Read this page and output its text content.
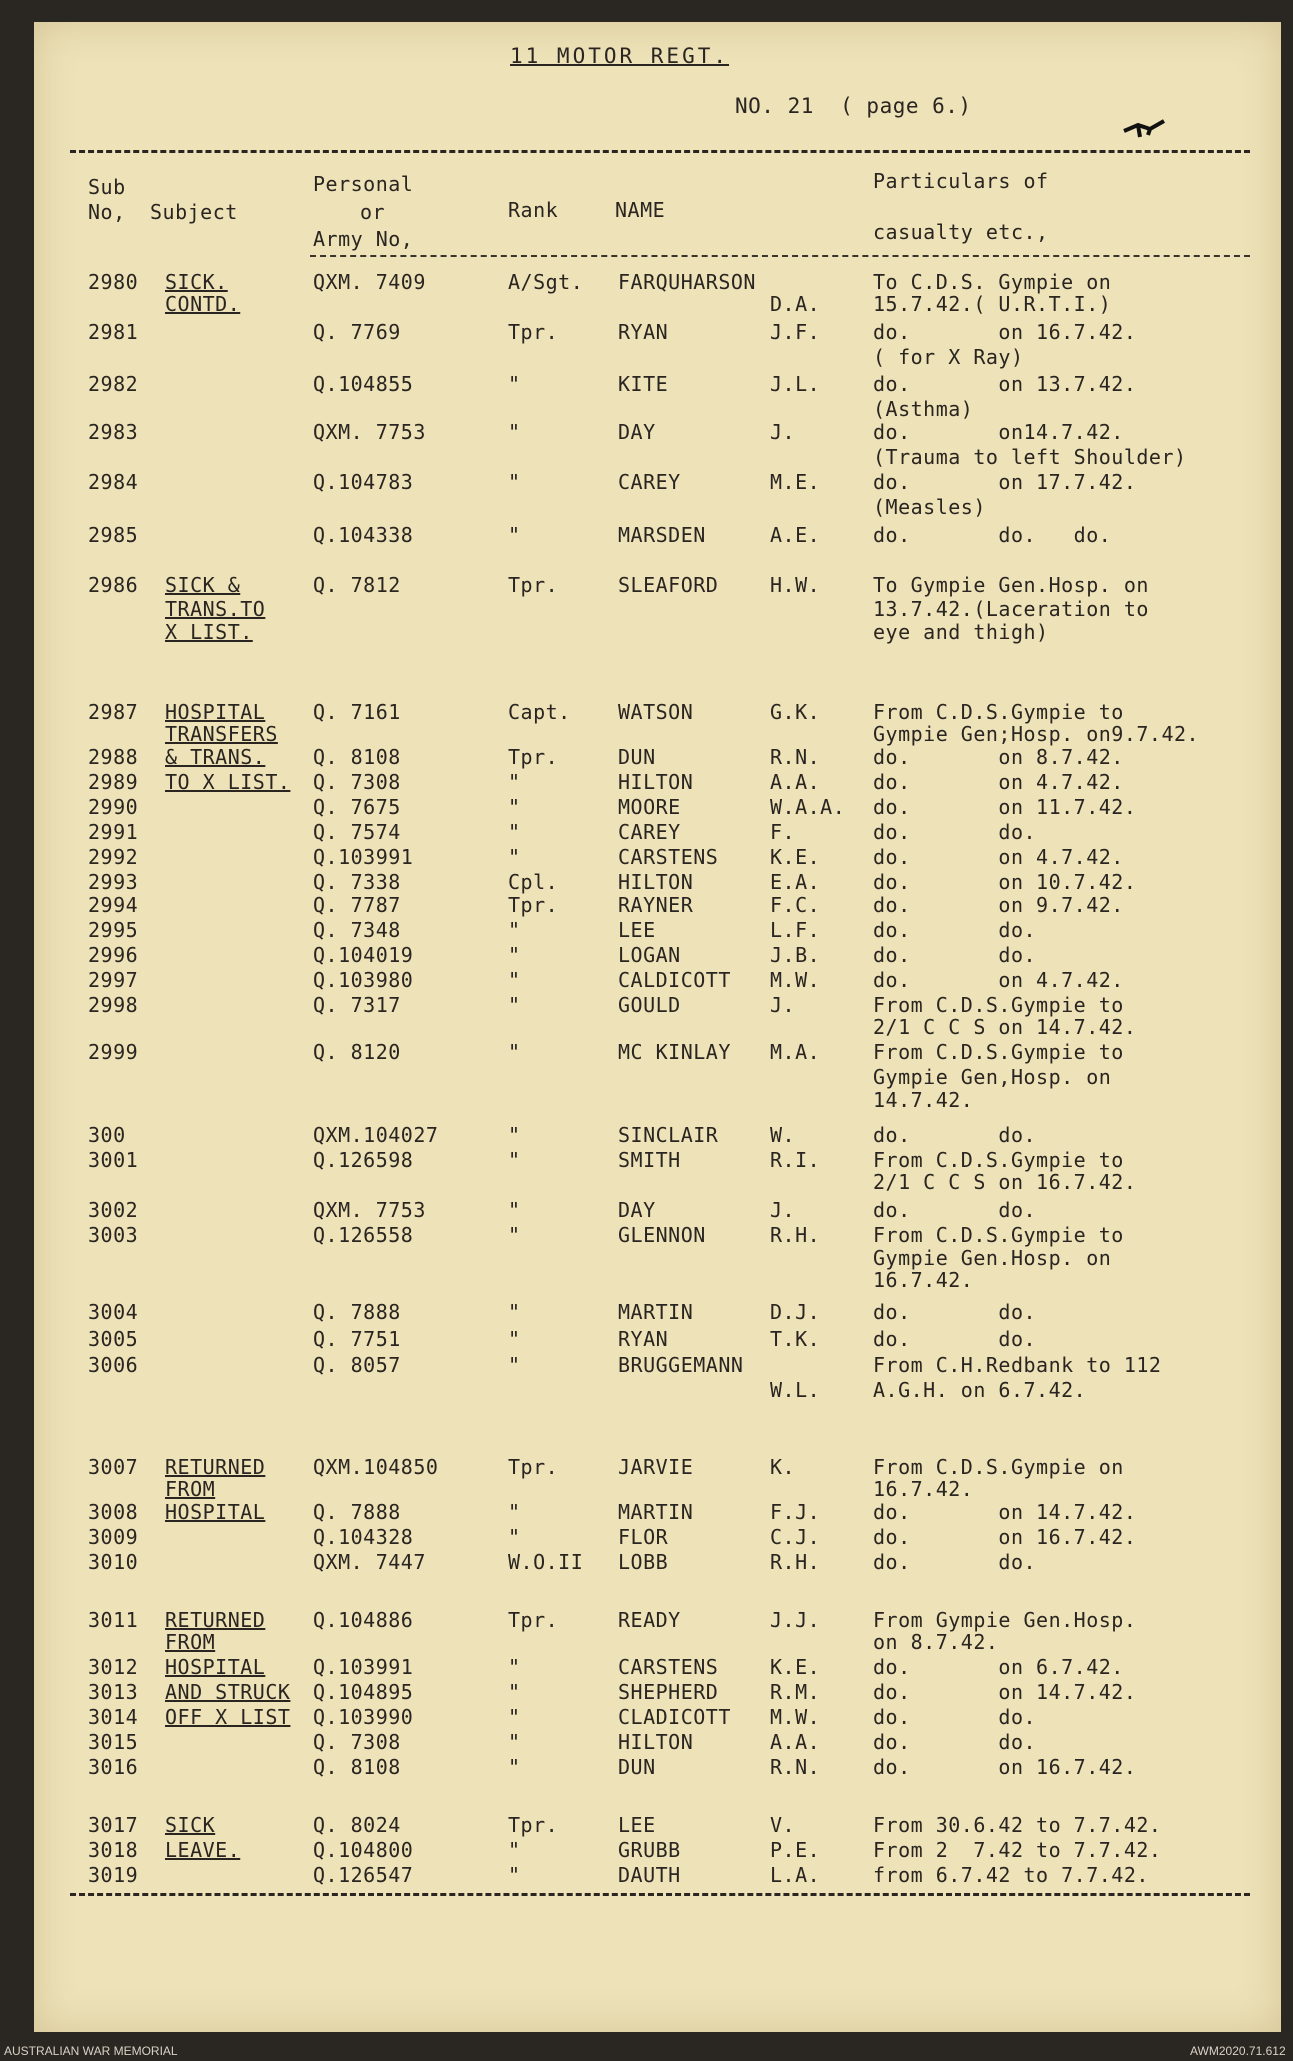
11 MOTOR REGT.
NO. 21  ( page 6.)
Sub
No, Subject
Personal
or
Army No,
Rank	NAME
Particulars of
casualty etc.,
2980 SICK.	QXM. 7409	A/Sgt. FARQUHARSON	To C.D.S. Gympie on
CONTD.	D.A.	15.7.42.( U.R.T.I.)
2981	Q. 7769	Tpr.	RYAN	J.F.	do.       on 16.7.42.
( for X Ray)
2982	Q.104855	"	KITE	J.L.	do.       on 13.7.42.
(Asthma)
2983	QXM. 7753	"	DAY	J.	do.       on14.7.42.
(Trauma to left Shoulder)
2984	Q.104783	"	CAREY	M.E.	do.       on 17.7.42.
(Measles)
2985	Q.104338	"	MARSDEN	A.E.	do.       do.   do.
2986 SICK &	Q. 7812	Tpr.	SLEAFORD	H.W.	To Gympie Gen.Hosp. on
TRANS.TO	13.7.42.(Laceration to
X LIST.	eye and thigh)
2987 HOSPITAL Q. 7161	Capt. WATSON	G.K.	From C.D.S.Gympie to
TRANSFERS	Gympie Gen;Hosp. on9.7.42.
2988 & TRANS. Q. 8108	Tpr.	DUN	R.N.	do.       on 8.7.42.
2989 TO X LIST. Q. 7308	"	HILTON	A.A.	do.       on 4.7.42.
2990	Q. 7675	"	MOORE	W.A.A. do.       on 11.7.42.
2991	Q. 7574	"	CAREY	F.	do.       do.
2992	Q.103991	"	CARSTENS	K.E.	do.       on 4.7.42.
2993	Q. 7338	Cpl.	HILTON	E.A.	do.       on 10.7.42.
2994	Q. 7787	Tpr.	RAYNER	F.C.	do.       on 9.7.42.
2995	Q. 7348	"	LEE	L.F.	do.       do.
2996	Q.104019	"	LOGAN	J.B.	do.       do.
2997	Q.103980	"	CALDICOTT M.W.	do.       on 4.7.42.
2998	Q. 7317	"	GOULD	J.	From C.D.S.Gympie to
2/1 C C S on 14.7.42.
2999	Q. 8120	"	MC KINLAY M.A.	From C.D.S.Gympie to
Gympie Gen,Hosp. on
14.7.42.
300	QXM.104027	"	SINCLAIR	W.	do.       do.
3001	Q.126598	"	SMITH	R.I.	From C.D.S.Gympie to
2/1 C C S on 16.7.42.
3002	QXM. 7753	"	DAY	J.	do.       do.
3003	Q.126558	"	GLENNON	R.H.	From C.D.S.Gympie to
Gympie Gen.Hosp. on
16.7.42.
3004	Q. 7888	"	MARTIN	D.J.	do.       do.
3005	Q. 7751	"	RYAN	T.K.	do.       do.
3006	Q. 8057	"	BRUGGEMANN	From C.H.Redbank to 112
W.L.	A.G.H. on 6.7.42.
3007 RETURNED QXM.104850	Tpr.	JARVIE	K.	From C.D.S.Gympie on
FROM	16.7.42.
3008 HOSPITAL Q. 7888	"	MARTIN	F.J.	do.       on 14.7.42.
3009	Q.104328	"	FLOR	C.J.	do.       on 16.7.42.
3010	QXM. 7447	W.O.II LOBB	R.H.	do.       do.
3011 RETURNED Q.104886	Tpr.	READY	J.J.	From Gympie Gen.Hosp.
FROM	on 8.7.42.
3012 HOSPITAL Q.103991	"	CARSTENS	K.E.	do.       on 6.7.42.
3013 AND STRUCK Q.104895	"	SHEPHERD	R.M.	do.       on 14.7.42.
3014 OFF X LIST Q.103990	"	CLADICOTT M.W.	do.       do.
3015	Q. 7308	"	HILTON	A.A.	do.       do.
3016	Q. 8108	"	DUN	R.N.	do.       on 16.7.42.
3017 SICK	Q. 8024	Tpr.	LEE	V.	From 30.6.42 to 7.7.42.
3018 LEAVE.	Q.104800	"	GRUBB	P.E.	From 2  7.42 to 7.7.42.
3019	Q.126547	"	DAUTH	L.A.	from 6.7.42 to 7.7.42.
AUSTRALIAN WAR MEMORIAL	AWM2020.71.612
